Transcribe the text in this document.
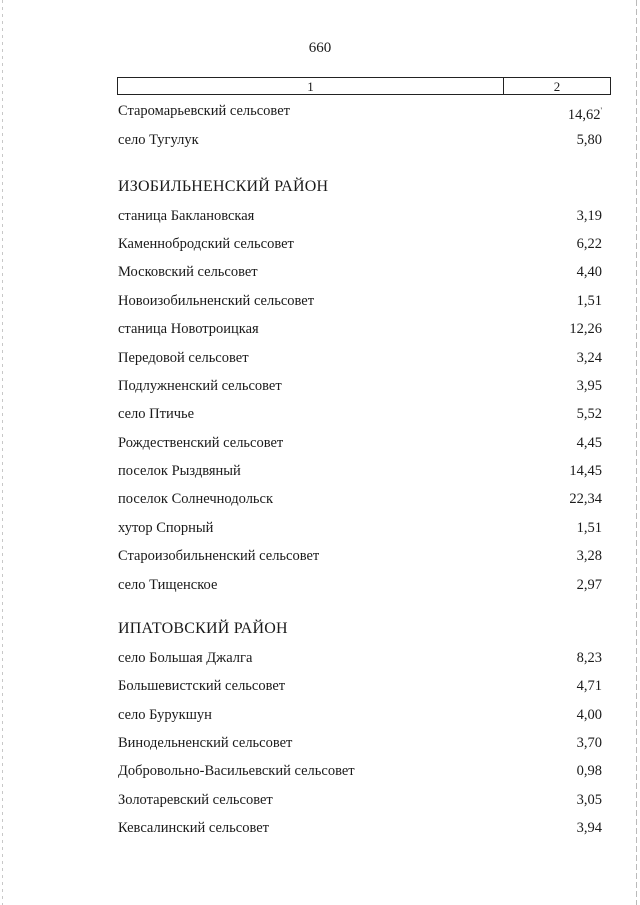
660
1	2
Старомарьевский сельсовет	14,62'
село Тугулук	5,80
ИЗОБИЛЬНЕНСКИЙ РАЙОН
станица Баклановская	3,19
Каменнобродский сельсовет	6,22
Московский сельсовет	4,40
Новоизобильненский сельсовет	1,51
станица Новотроицкая	12,26
Передовой сельсовет	3,24
Подлужненский сельсовет	3,95
село Птичье	5,52
Рождественский сельсовет	4,45
поселок Рыздвяный	14,45
поселок Солнечнодольск	22,34
хутор Спорный	1,51
Староизобильненский сельсовет	3,28
село Тищенское	2,97
ИПАТОВСКИЙ РАЙОН
село Большая Джалга	8,23
Большевистский сельсовет	4,71
село Бурукшун	4,00
Винодельненский сельсовет	3,70
Добровольно-Васильевский сельсовет	0,98
Золотаревский сельсовет	3,05
Кевсалинский сельсовет	3,94
